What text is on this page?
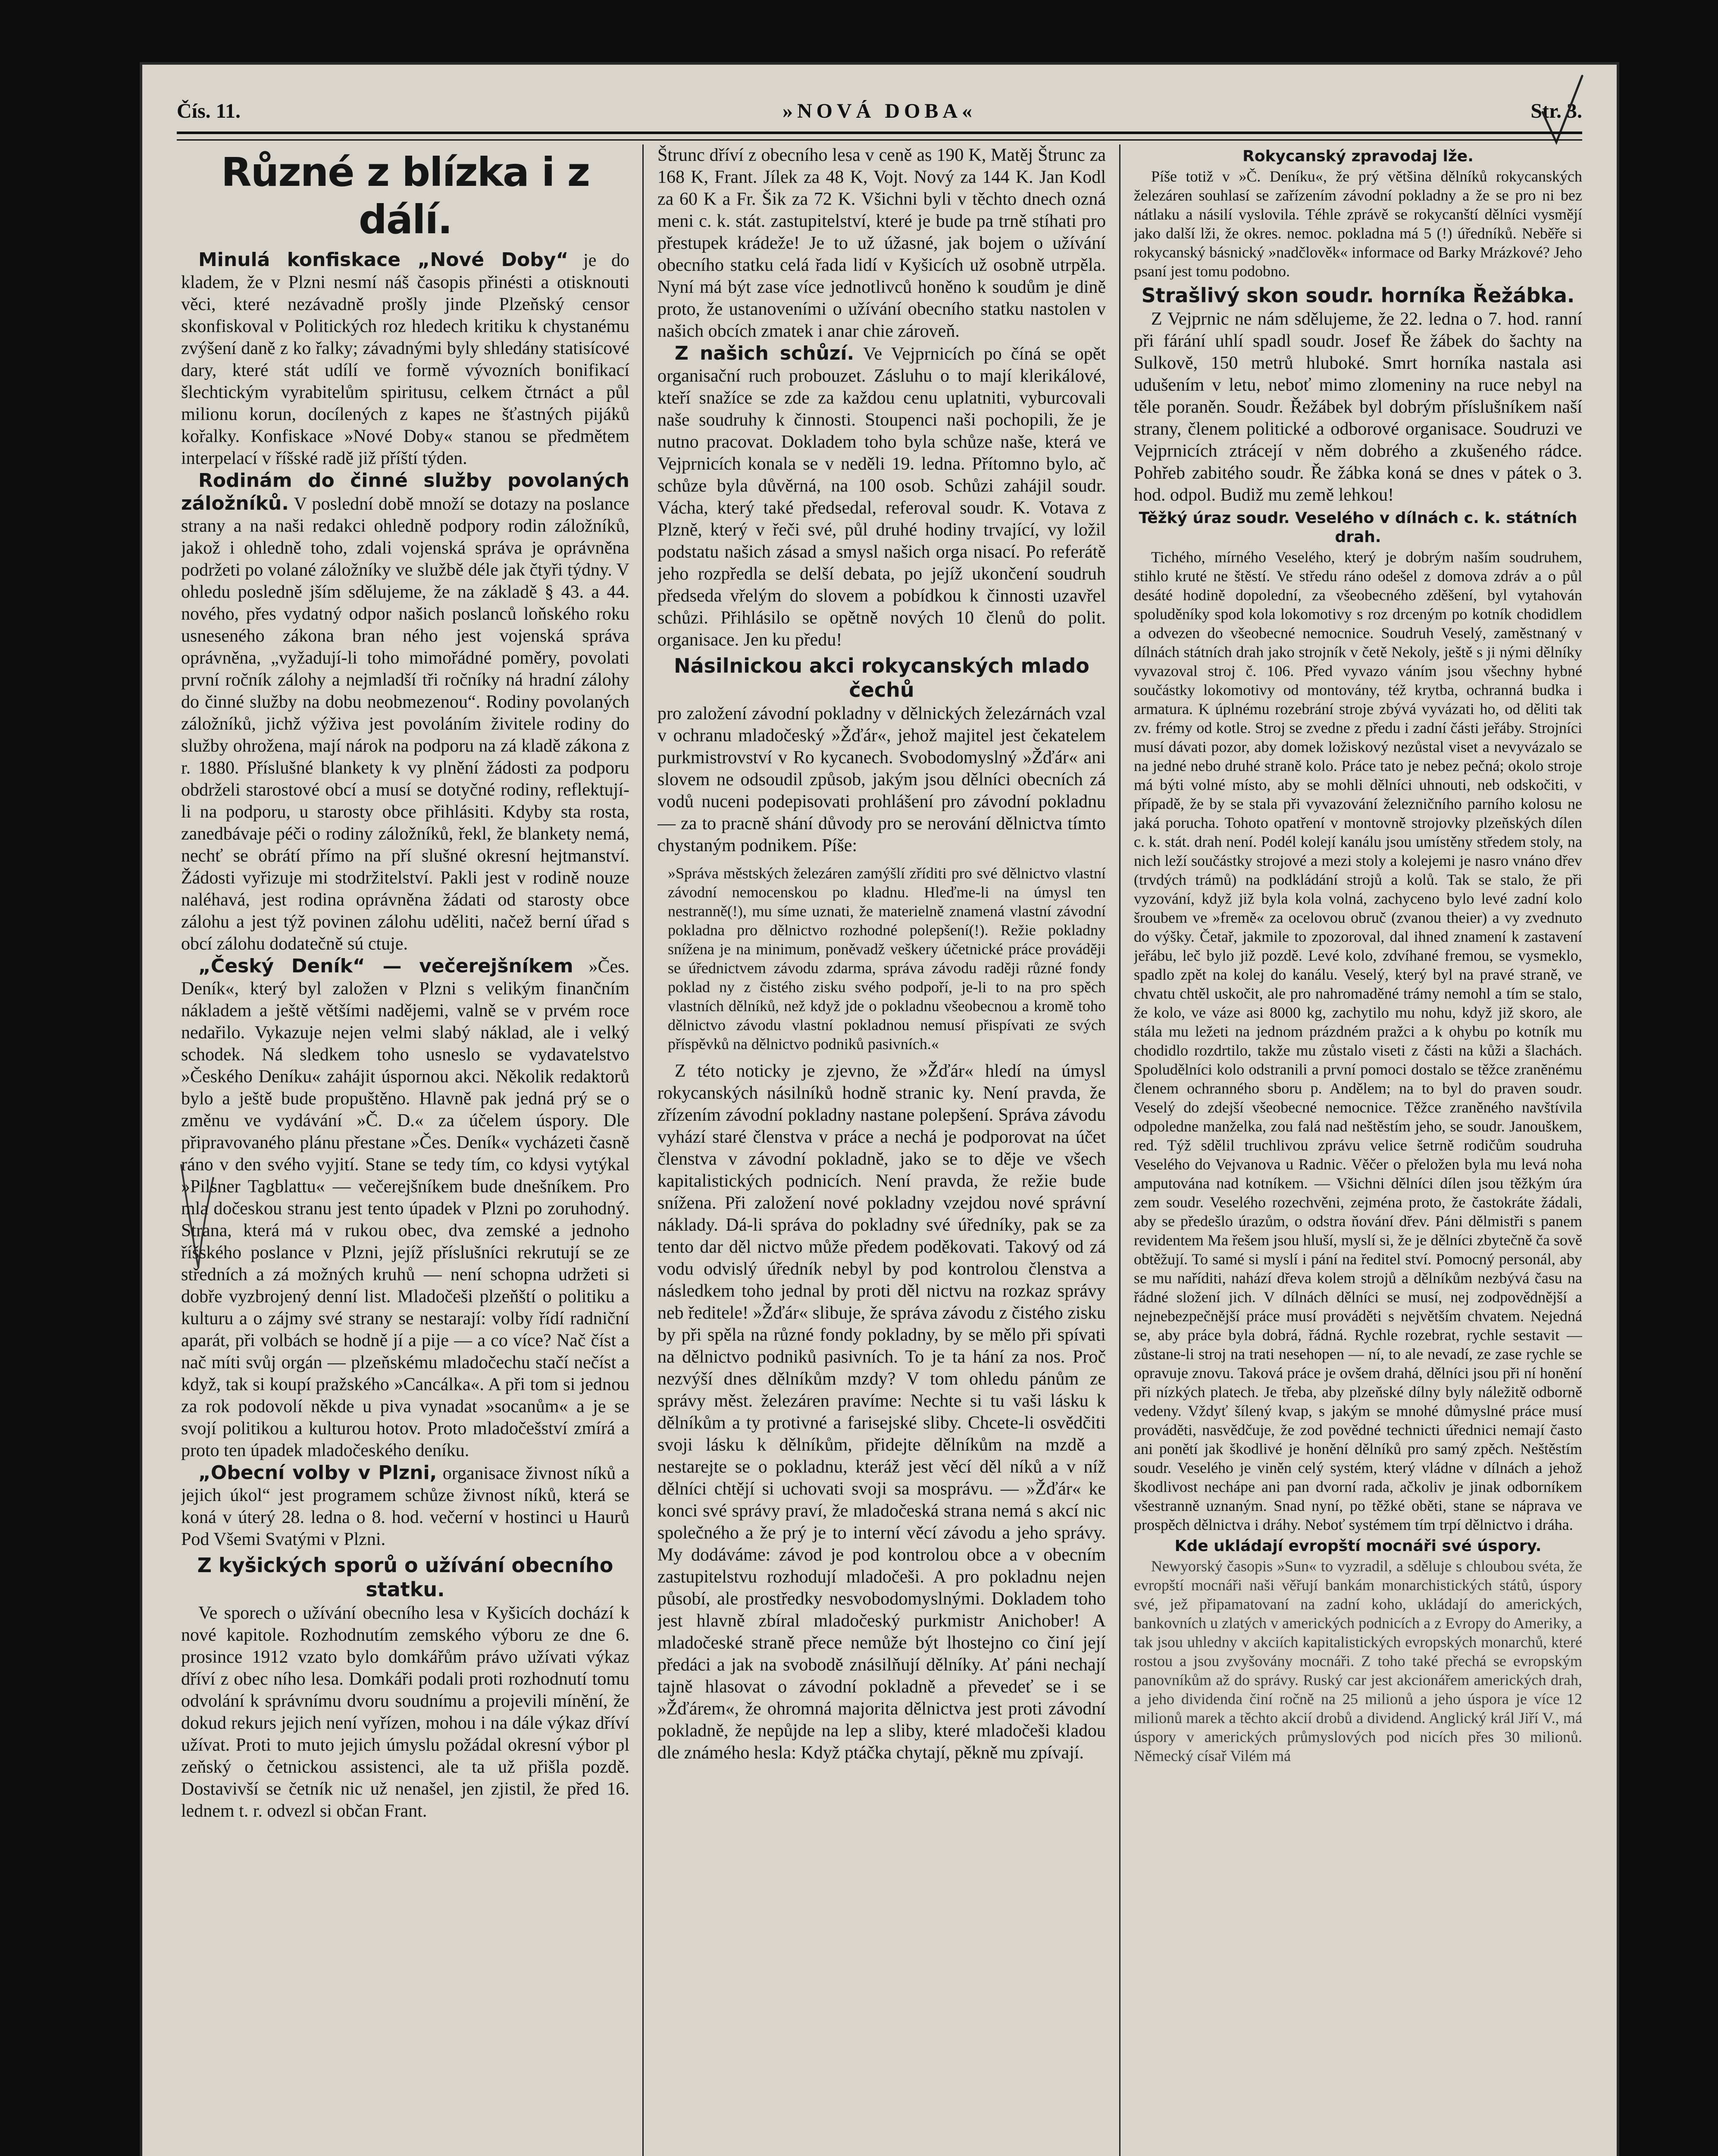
Čís. 11.	»NOVÁ DOBA«	Str. 3.
Různé z blízka i z dálí.

Minulá konfiskace „Nové Doby“ je do kladem, že v Plzni nesmí náš časopis přinésti a otisknouti věci, které nezávadně prošly jinde Plzeňský censor skonfiskoval v Politických roz hledech kritiku k chystanému zvýšení daně z ko řalky; závadnými byly shledány statisícové dary, které stát udílí ve formě vývozních bonifikací šlechtickým vyrabitelům spiritusu, celkem čtrnáct a půl milionu korun, docílených z kapes ne šťastných pijáků kořalky. Konfiskace »Nové Doby« stanou se předmětem interpelací v říšské radě již příští týden.

Rodinám do činné služby povolaných záložníků. V poslední době množí se dotazy na poslance strany a na naši redakci ohledně podpory rodin záložníků, jakož i ohledně toho, zdali vojenská správa je oprávněna podržeti po volané záložníky ve službě déle jak čtyři týdny. V ohledu posledně jším sdělujeme, že na základě § 43. a 44. nového, přes vydatný odpor našich poslanců loňského roku usneseného zákona bran ného jest vojenská správa oprávněna, „vyžadují-li toho mimořádné poměry, povolati první ročník zálohy a nejmladší tři ročníky ná hradní zálohy do činné služby na dobu neobmezenou“. Rodiny povolaných záložníků, jichž výživa jest povoláním živitele rodiny do služby ohrožena, mají nárok na podporu na zá kladě zákona z r. 1880. Příslušné blankety k vy plnění žádosti za podporu obdrželi starostové obcí a musí se dotyčné rodiny, reflektují-li na podporu, u starosty obce přihlásiti. Kdyby sta rosta, zanedbávaje péči o rodiny záložníků, řekl, že blankety nemá, nechť se obrátí přímo na pří slušné okresní hejtmanství. Žádosti vyřizuje mi stodržitelství. Pakli jest v rodině nouze naléhavá, jest rodina oprávněna žádati od starosty obce zálohu a jest týž povinen zálohu uděliti, načež berní úřad s obcí zálohu dodatečně sú ctuje.

„Český Deník“ — večerejšníkem »Čes. Deník«, který byl založen v Plzni s velikým finančním nákladem a ještě většími nadějemi, valně se v prvém roce nedařilo. Vykazuje nejen velmi slabý náklad, ale i velký schodek. Ná sledkem toho usneslo se vydavatelstvo »Českého Deníku« zahájit úspornou akci. Několik redaktorů bylo a ještě bude propuštěno. Hlavně pak jedná prý se o změnu ve vydávání »Č. D.« za účelem úspory. Dle připravovaného plánu přestane »Čes. Deník« vycházeti časně ráno v den svého vyjití. Stane se tedy tím, co kdysi vytýkal »Pilsner Tagblattu« — večerejšníkem bude dnešníkem. Pro mla dočeskou stranu jest tento úpadek v Plzni po zoruhodný. Strana, která má v rukou obec, dva zemské a jednoho říšského poslance v Plzni, jejíž příslušníci rekrutují se ze středních a zá možných kruhů — není schopna udržeti si dobře vyzbrojený denní list. Mladočeši plzeňští o politiku a kulturu a o zájmy své strany se nestarají: volby řídí radniční aparát, při volbách se hodně jí a pije — a co více? Nač číst a nač míti svůj orgán — plzeňskému mladočechu stačí nečíst a když, tak si koupí pražského »Cancálka«. A při tom si jednou za rok podovolí někde u piva vynadat »socanům« a je se svojí politikou a kulturou hotov. Proto mladočešství zmírá a proto ten úpadek mladočeského deníku.

„Obecní volby v Plzni, organisace živnost níků a jejich úkol“ jest programem schůze živnost níků, která se koná v úterý 28. ledna o 8. hod. večerní v hostinci u Haurů Pod Všemi Svatými v Plzni.

Z kyšických sporů o užívání obecního statku.

Ve sporech o užívání obecního lesa v Kyšicích dochází k nové kapitole. Rozhodnutím zemského výboru ze dne 6. prosince 1912 vzato bylo domkářům právo užívati výkaz dříví z obec ního lesa. Domkáři podali proti rozhodnutí tomu odvolání k správnímu dvoru soudnímu a projevili mínění, že dokud rekurs jejich není vyřízen, mohou i na dále výkaz dříví užívat. Proti to muto jejich úmyslu požádal okresní výbor pl zeňský o četnickou assistenci, ale ta už přišla pozdě. Dostavivší se četník nic už nenašel, jen zjistil, že před 16. lednem t. r. odvezl si občan Frant.

Štrunc dříví z obecního lesa v ceně as 190 K, Matěj Štrunc za 168 K, Frant. Jílek za 48 K, Vojt. Nový za 144 K. Jan Kodl za 60 K a Fr. Šik za 72 K. Všichni byli v těchto dnech ozná meni c. k. stát. zastupitelství, které je bude pa trně stíhati pro přestupek krádeže! Je to už úžasné, jak bojem o užívání obecního statku celá řada lidí v Kyšicích už osobně utrpěla. Nyní má být zase více jednotlivců honěno k soudům je dině proto, že ustanoveními o užívání obecního statku nastolen v našich obcích zmatek i anar chie zároveň.

Z našich schůzí. Ve Vejprnicích po číná se opět organisační ruch probouzet. Zásluhu o to mají klerikálové, kteří snažíce se zde za každou cenu uplatniti, vyburcovali naše soudruhy k činnosti. Stoupenci naši pochopili, že je nutno pracovat. Dokladem toho byla schůze naše, která ve Vejprnicích konala se v neděli 19. ledna. Přítomno bylo, ač schůze byla důvěrná, na 100 osob. Schůzi zahájil soudr. Vácha, který také předsedal, referoval soudr. K. Votava z Plzně, který v řeči své, půl druhé hodiny trvající, vy ložil podstatu našich zásad a smysl našich orga nisací. Po referátě jeho rozpředla se delší debata, po jejíž ukončení soudruh předseda vřelým do slovem a pobídkou k činnosti uzavřel schůzi. Přihlásilo se opětně nových 10 členů do polit. organisace. Jen ku předu!

Násilnickou akci rokycanských mlado čechů

pro založení závodní pokladny v dělnických železárnách vzal v ochranu mladočeský »Žďár«, jehož majitel jest čekatelem purkmistrovství v Ro kycanech. Svobodomyslný »Žďár« ani slovem ne odsoudil způsob, jakým jsou dělníci obecních zá vodů nuceni podepisovati prohlášení pro závodní pokladnu — za to pracně shání důvody pro se nerování dělnictva tímto chystaným podnikem. Píše:

»Správa městských železáren zamýšlí zříditi pro své dělnictvo vlastní závodní nemocenskou po kladnu. Hleďme-li na úmysl ten nestranně(!), mu síme uznati, že materielně znamená vlastní závodní pokladna pro dělnictvo rozhodné polepšení(!). Režie pokladny snížena je na minimum, poněvadž veškery účetnické práce prováději se úřednictvem závodu zdarma, správa závodu raději různé fondy poklad ny z čistého zisku svého podpoří, je-li to na pro spěch vlastních dělníků, než když jde o pokladnu všeobecnou a kromě toho dělnictvo závodu vlastní pokladnou nemusí přispívati ze svých příspěvků na dělnictvo podniků pasivních.«

Z této noticky je zjevno, že »Žďár« hledí na úmysl rokycanských násilníků hodně stranic ky. Není pravda, že zřízením závodní pokladny nastane polepšení. Správa závodu vyhází staré členstva v práce a nechá je podporovat na účet členstva v závodní pokladně, jako se to děje ve všech kapitalistických podnicích. Není pravda, že režie bude snížena. Při založení nové pokladny vzejdou nové správní náklady. Dá-li správa do pokladny své úředníky, pak se za tento dar děl nictvo může předem poděkovati. Takový od zá vodu odvislý úředník nebyl by pod kontrolou členstva a následkem toho jednal by proti děl nictvu na rozkaz správy neb ředitele! »Žďár« slibuje, že správa závodu z čistého zisku by při spěla na různé fondy pokladny, by se mělo při spívati na dělnictvo podniků pasivních. To je ta hání za nos. Proč nezvýší dnes dělníkům mzdy? V tom ohledu pánům ze správy měst. železáren pravíme: Nechte si tu vaši lásku k dělníkům a ty protivné a farisejské sliby. Chcete-li osvědčiti svoji lásku k dělníkům, přidejte dělníkům na mzdě a nestarejte se o pokladnu, kteráž jest věcí děl níků a v níž dělníci chtějí si uchovati svoji sa mosprávu. — »Žďár« ke konci své správy praví, že mladočeská strana nemá s akcí nic společného a že prý je to interní věcí závodu a jeho správy. My dodáváme: závod je pod kontrolou obce a v obecním zastupitelstvu rozhodují mladočeši. A pro pokladnu nejen působí, ale prostředky nesvobodomyslnými. Dokladem toho jest hlavně zbíral mladočeský purkmistr Anichober! A mladočeské straně přece nemůže být lhostejno co činí její předáci a jak na svobodě znásilňují dělníky. Ať páni nechají tajně hlasovat o závodní pokladně a převedeť se i se »Žďárem«, že ohromná majorita dělnictva jest proti závodní pokladně, že nepůjde na lep a sliby, které mladočeši kladou dle známého hesla: Když ptáčka chytají, pěkně mu zpívají.

Rokycanský zpravodaj lže.

Píše totiž v »Č. Deníku«, že prý většina dělníků rokycanských železáren souhlasí se zařízením závodní pokladny a že se pro ni bez nátlaku a násilí vyslovila. Téhle zprávě se rokycanští dělníci vysmějí jako další lži, že okres. nemoc. pokladna má 5 (!) úředníků. Neběře si rokycanský básnický »nadčlověk« informace od Barky Mrázkové? Jeho psaní jest tomu podobno.

Strašlivý skon soudr. horníka Řežábka.

Z Vejprnic ne nám sdělujeme, že 22. ledna o 7. hod. ranní při fárání uhlí spadl soudr. Josef Ře žábek do šachty na Sulkově, 150 metrů hluboké. Smrt horníka nastala asi udušením v letu, neboť mimo zlomeniny na ruce nebyl na těle poraněn. Soudr. Řežábek byl dobrým příslušníkem naší strany, členem politické a odborové organisace. Soudruzi ve Vejprnicích ztrácejí v něm dobrého a zkušeného rádce. Pohřeb zabitého soudr. Ře žábka koná se dnes v pátek o 3. hod. odpol. Budiž mu země lehkou!

Těžký úraz soudr. Veselého v dílnách c. k. státních drah.

Tichého, mírného Veselého, který je dobrým naším soudruhem, stihlo kruté ne štěstí. Ve středu ráno odešel z domova zdráv a o půl desáté hodině dopolední, za všeobecného zděšení, byl vytahován spoluděníky spod kola lokomotivy s roz drceným po kotník chodidlem a odvezen do všeobecné nemocnice. Soudruh Veselý, zaměstnaný v dílnách státních drah jako strojník v četě Nekoly, ještě s ji nými dělníky vyvazoval stroj č. 106. Před vyvazo váním jsou všechny hybné součástky lokomotivy od montovány, též krytba, ochranná budka i armatura. K úplnému rozebrání stroje zbývá vyvázati ho, od děliti tak zv. frémy od kotle. Stroj se zvedne z předu i zadní části jeřáby. Strojníci musí dávati pozor, aby domek ložiskový nezůstal viset a nevyvázalo se na jedné nebo druhé straně kolo. Práce tato je nebez pečná; okolo stroje má býti volné místo, aby se mohli dělníci uhnouti, neb odskočiti, v případě, že by se stala při vyvazování železničního parního kolosu ne jaká porucha. Tohoto opatření v montovně strojovky plzeňských dílen c. k. stát. drah není. Podél kolejí kanálu jsou umístěny středem stoly, na nich leží součástky strojové a mezi stoly a kolejemi je nasro vnáno dřev (trvdých trámů) na podkládání strojů a kolů. Tak se stalo, že při vyzování, když již byla kola volná, zachyceno bylo levé zadní kolo šroubem ve »fremě« za ocelovou obruč (zvanou theier) a vy zvednuto do výšky. Četař, jakmile to zpozoroval, dal ihned znamení k zastavení jeřábu, leč bylo již pozdě. Levé kolo, zdvíhané fremou, se vysmeklo, spadlo zpět na kolej do kanálu. Veselý, který byl na pravé straně, ve chvatu chtěl uskočit, ale pro nahromaděné trámy nemohl a tím se stalo, že kolo, ve váze asi 8000 kg, zachytilo mu nohu, když již skoro, ale stála mu ležeti na jednom prázdném pražci a k ohybu po kotník mu chodidlo rozdrtilo, takže mu zůstalo viseti z části na kůži a šlachách. Spoludělníci kolo odstranili a první pomoci dostalo se těžce zraněnému členem ochranného sboru p. Andělem; na to byl do praven soudr. Veselý do zdejší všeobecné nemocnice. Těžce zraněného navštívila odpoledne manželka, zou falá nad neštěstím jeho, se soudr. Janouškem, red. Týž sdělil truchlivou zprávu velice šetrně rodičům soudruha Veselého do Vejvanova u Radnic. Věčer o přeložen byla mu levá noha amputována nad kotníkem. — Všichni dělníci dílen jsou těžkým úra zem soudr. Veselého rozechvěni, zejména proto, že častokráte žádali, aby se předešlo úrazům, o odstra ňování dřev. Páni dělmistři s panem revidentem Ma řešem jsou hluší, myslí si, že je dělníci zbytečně ča sově obtěžují. To samé si myslí i pání na ředitel ství. Pomocný personál, aby se mu naříditi, nahází dřeva kolem strojů a dělníkům nezbývá času na řádné složení jich. V dílnách dělníci se musí, nej zodpovědnější a nejnebezpečnější práce musí prováděti s největším chvatem. Nejedná se, aby práce byla dobrá, řádná. Rychle rozebrat, rychle sestavit — zůstane-li stroj na trati nesehopen — ní, to ale nevadí, ze zase rychle se opravuje znovu. Taková práce je ovšem drahá, dělníci jsou při ní honění při nízkých platech. Je třeba, aby plzeňské dílny byly náležitě odborně vedeny. Vždyť šílený kvap, s jakým se mnohé důmyslné práce musí prováděti, nasvědčuje, že zod povědné technicti úřednici nemají často ani ponětí jak škodlivé je honění dělníků pro samý zpěch. Neštěstím soudr. Veselého je viněn celý systém, který vládne v dílnách a jehož škodlivost nechápe ani pan dvorní rada, ačkoliv je jinak odborníkem všestranně uznaným. Snad nyní, po těžké oběti, stane se náprava ve prospěch dělnictva i dráhy. Neboť systémem tím trpí dělnictvo i dráha.

Kde ukládají evropští mocnáři své úspory.

Newyorský časopis »Sun« to vyzradil, a sděluje s chloubou svéta, že evropští mocnáři naši věřují bankám monarchistických států, úspory své, jež připamatovaní na zadní koho, ukládají do amerických, bankovních u zlatých v amerických podnicích a z Evropy do Ameriky, a tak jsou uhledny v akciích kapitalistických evropských monarchů, které rostou a jsou zvyšovány mocnáři. Z toho také přechá se evropským panovníkům až do správy. Ruský car jest akcionářem amerických drah, a jeho dividenda činí ročně na 25 milionů a jeho úspora je více 12 milionů marek a těchto akcií drobů a dividend. Anglický král Jiří V., má úspory v amerických průmyslových pod nicích přes 30 milionů. Německý císař Vilém má
